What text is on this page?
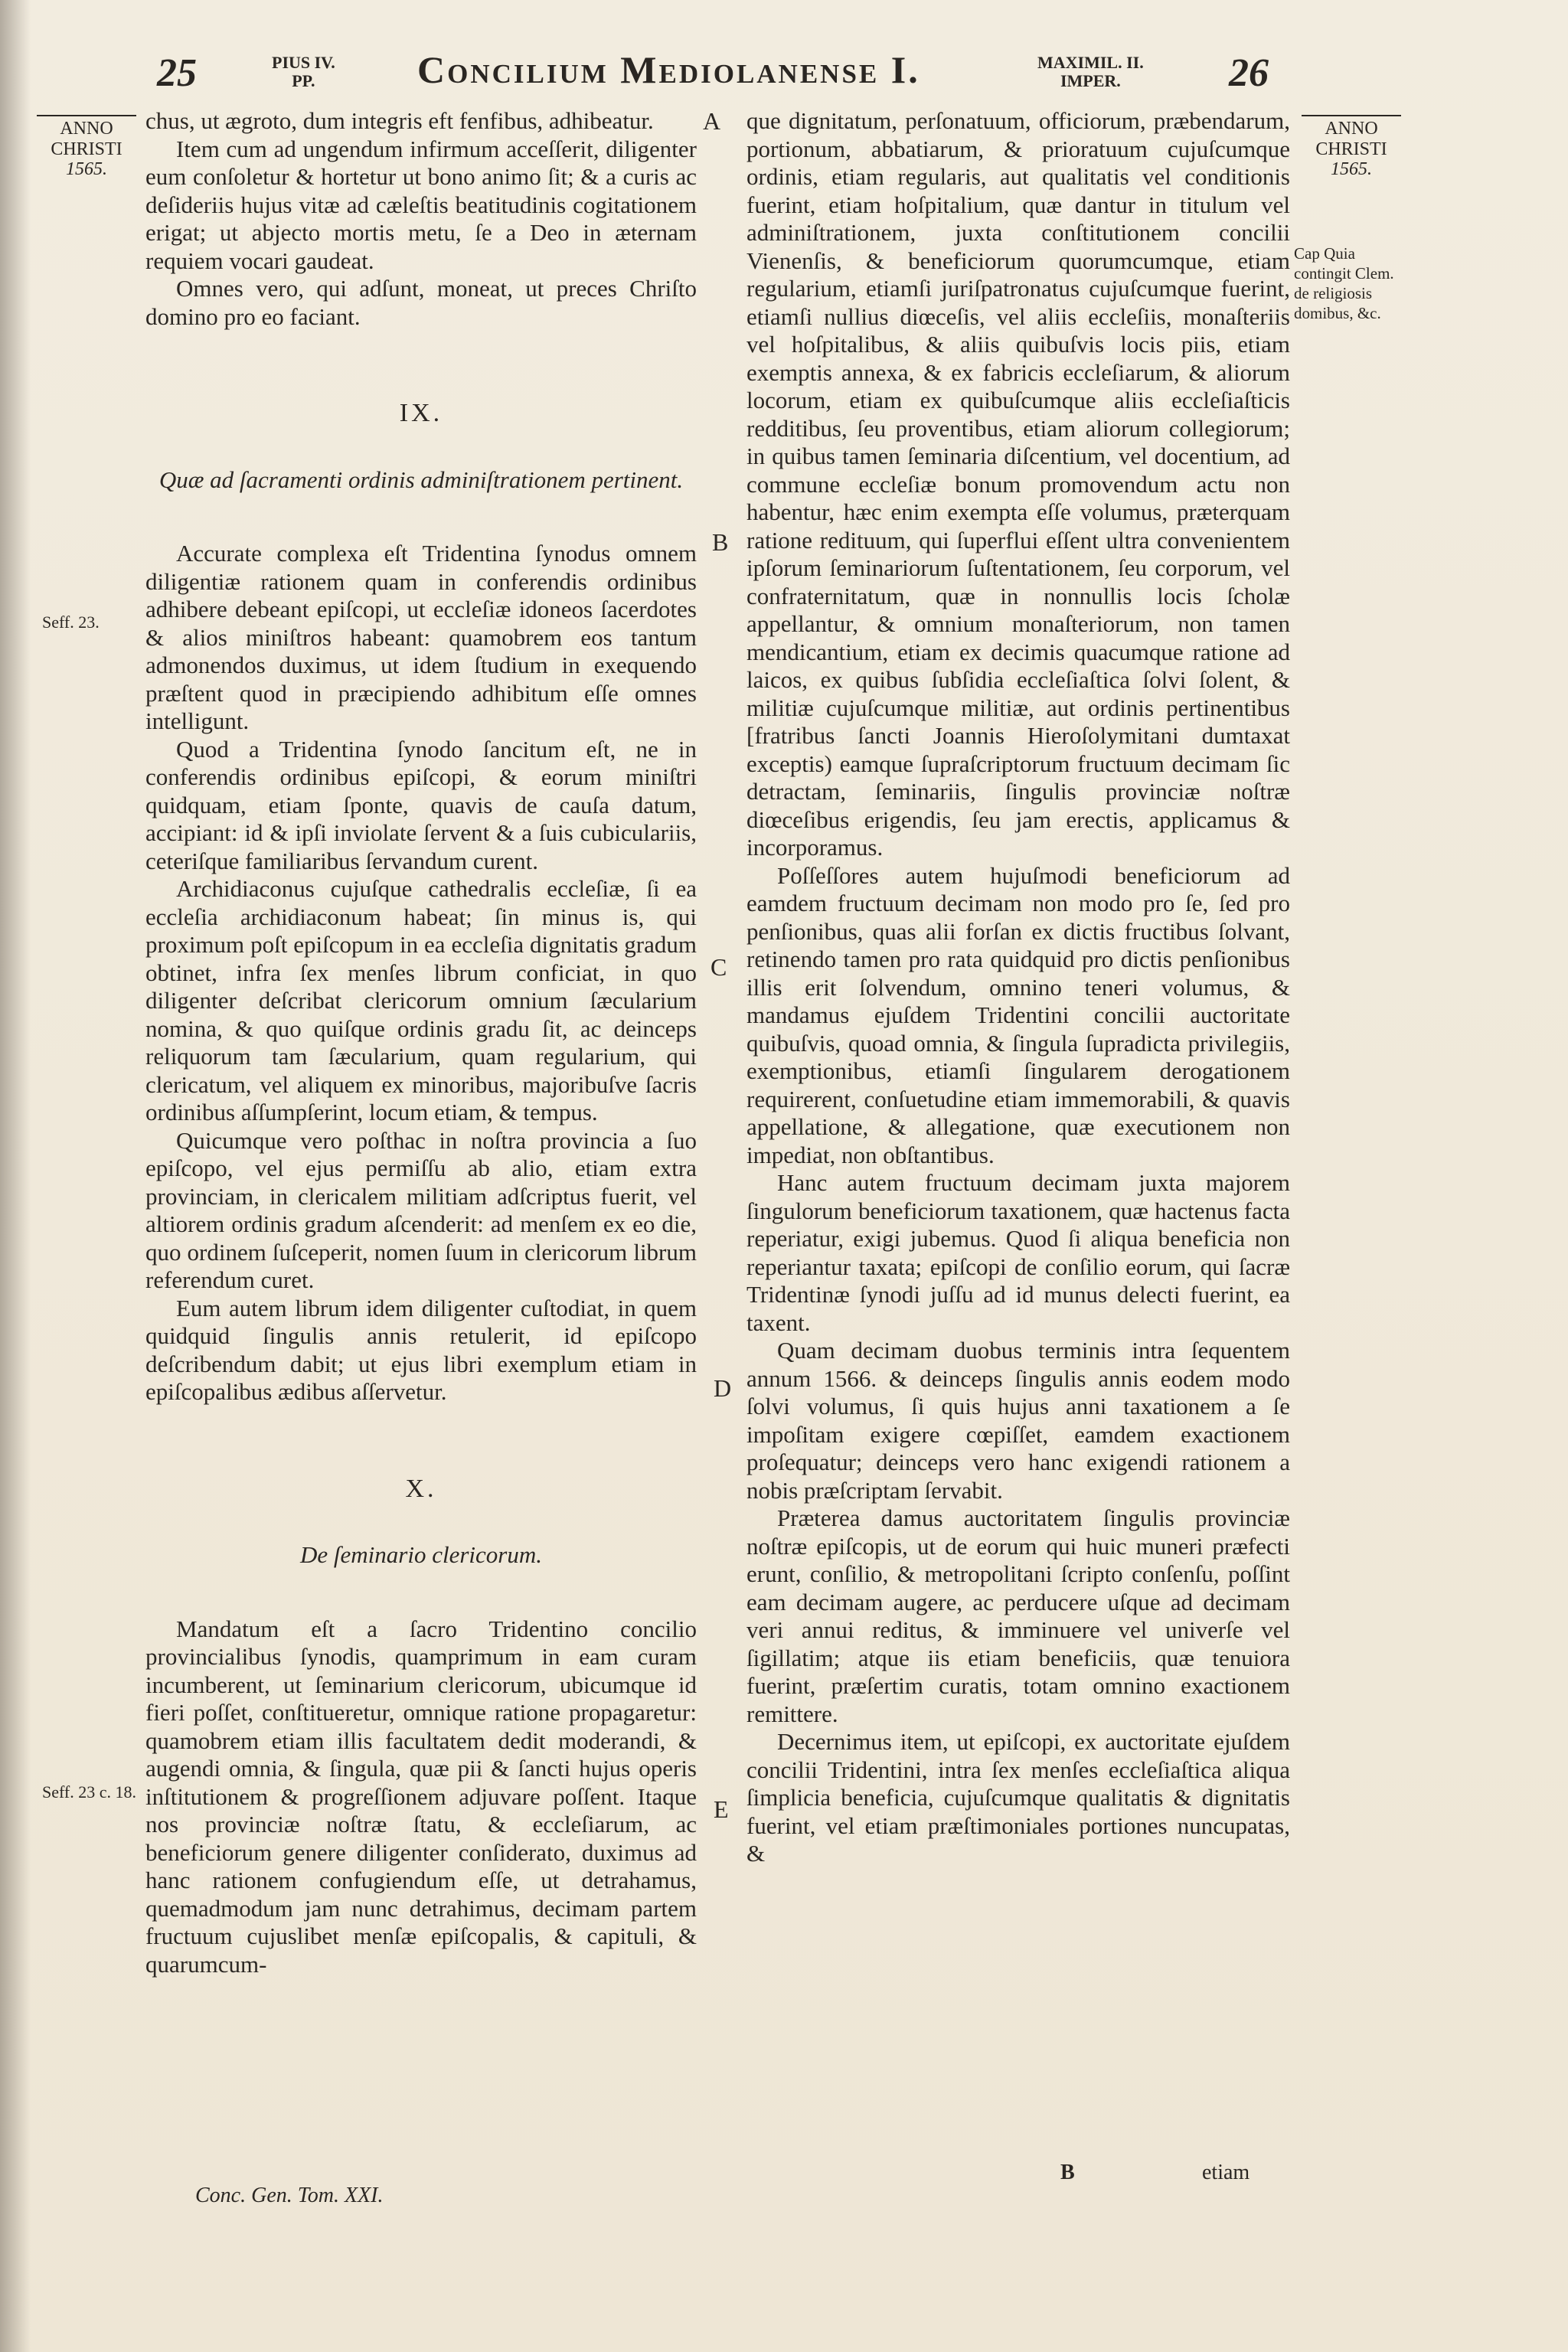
25	PIUS IV.
PP.	Concilium Mediolanense I.	MAXIMIL. II.
IMPER.	26
ANNO
CHRISTI
1565.
Seff. 23.
Seff. 23 c. 18.
ANNO
CHRISTI
1565.
Cap Quia contingit Clem. de religiosis domibus, &c.
A
B
C
D
E

chus, ut ægroto, dum integris eft fenfibus, adhibeatur.

Item cum ad ungendum infirmum acceſſerit, diligenter eum conſoletur & hortetur ut bono animo ſit; & a curis ac deſideriis hujus vitæ ad cæleſtis beatitudinis cogitationem erigat; ut abjecto mortis metu, ſe a Deo in æternam requiem vocari gaudeat.

Omnes vero, qui adſunt, moneat, ut preces Chriſto domino pro eo faciant.

IX.

Quæ ad ſacramenti ordinis adminiſtrationem pertinent.

Accurate complexa eſt Tridentina ſynodus omnem diligentiæ rationem quam in conferendis ordinibus adhibere debeant epiſcopi, ut eccleſiæ idoneos ſacerdotes & alios miniſtros habeant: quamobrem eos tantum admonendos duximus, ut idem ſtudium in exequendo præſtent quod in præcipiendo adhibitum eſſe omnes intelligunt.

Quod a Tridentina ſynodo ſancitum eſt, ne in conferendis ordinibus epiſcopi, & eorum miniſtri quidquam, etiam ſponte, quavis de cauſa datum, accipiant: id & ipſi inviolate ſervent & a ſuis cubiculariis, ceteriſque familiaribus ſervandum curent.

Archidiaconus cujuſque cathedralis eccleſiæ, ſi ea eccleſia archidiaconum habeat; ſin minus is, qui proximum poſt epiſcopum in ea eccleſia dignitatis gradum obtinet, infra ſex menſes librum conficiat, in quo diligenter deſcribat clericorum omnium ſæcularium nomina, & quo quiſque ordinis gradu ſit, ac deinceps reliquorum tam ſæcularium, quam regularium, qui clericatum, vel aliquem ex minoribus, majoribuſve ſacris ordinibus aſſumpſerint, locum etiam, & tempus.

Quicumque vero poſthac in noſtra provincia a ſuo epiſcopo, vel ejus permiſſu ab alio, etiam extra provinciam, in clericalem militiam adſcriptus fuerit, vel altiorem ordinis gradum aſcenderit: ad menſem ex eo die, quo ordinem ſuſceperit, nomen ſuum in clericorum librum referendum curet.

Eum autem librum idem diligenter cuſtodiat, in quem quidquid ſingulis annis retulerit, id epiſcopo deſcribendum dabit; ut ejus libri exemplum etiam in epiſcopalibus ædibus aſſervetur.

X.

De ſeminario clericorum.

Mandatum eſt a ſacro Tridentino concilio provincialibus ſynodis, quamprimum in eam curam incumberent, ut ſeminarium clericorum, ubicumque id fieri poſſet, conſtitueretur, omnique ratione propagaretur: quamobrem etiam illis facultatem dedit moderandi, & augendi omnia, & ſingula, quæ pii & ſancti hujus operis inſtitutionem & progreſſionem adjuvare poſſent. Itaque nos provinciæ noſtræ ſtatu, & eccleſiarum, ac beneficiorum genere diligenter conſiderato, duximus ad hanc rationem confugiendum eſſe, ut detrahamus, quemadmodum jam nunc detrahimus, decimam partem fructuum cujuslibet menſæ epiſcopalis, & capituli, & quarumcum-

que dignitatum, perſonatuum, officiorum, præbendarum, portionum, abbatiarum, & prioratuum cujuſcumque ordinis, etiam regularis, aut qualitatis vel conditionis fuerint, etiam hoſpitalium, quæ dantur in titulum vel adminiſtrationem, juxta conſtitutionem concilii Vienenſis, & beneficiorum quorumcumque, etiam regularium, etiamſi juriſpatronatus cujuſcumque fuerint, etiamſi nullius diœceſis, vel aliis eccleſiis, monaſteriis vel hoſpitalibus, & aliis quibuſvis locis piis, etiam exemptis annexa, & ex fabricis eccleſiarum, & aliorum locorum, etiam ex quibuſcumque aliis eccleſiaſticis redditibus, ſeu proventibus, etiam aliorum collegiorum; in quibus tamen ſeminaria diſcentium, vel docentium, ad commune eccleſiæ bonum promovendum actu non habentur, hæc enim exempta eſſe volumus, præterquam ratione redituum, qui ſuperflui eſſent ultra convenientem ipſorum ſeminariorum ſuſtentationem, ſeu corporum, vel confraternitatum, quæ in nonnullis locis ſcholæ appellantur, & omnium monaſteriorum, non tamen mendicantium, etiam ex decimis quacumque ratione ad laicos, ex quibus ſubſidia eccleſiaſtica ſolvi ſolent, & militiæ cujuſcumque militiæ, aut ordinis pertinentibus [fratribus ſancti Joannis Hieroſolymitani dumtaxat exceptis) eamque ſupraſcriptorum fructuum decimam ſic detractam, ſeminariis, ſingulis provinciæ noſtræ diœceſibus erigendis, ſeu jam erectis, applicamus & incorporamus.

Poſſeſſores autem hujuſmodi beneficiorum ad eamdem fructuum decimam non modo pro ſe, ſed pro penſionibus, quas alii forſan ex dictis fructibus ſolvant, retinendo tamen pro rata quidquid pro dictis penſionibus illis erit ſolvendum, omnino teneri volumus, & mandamus ejuſdem Tridentini concilii auctoritate quibuſvis, quoad omnia, & ſingula ſupradicta privilegiis, exemptionibus, etiamſi ſingularem derogationem requirerent, conſuetudine etiam immemorabili, & quavis appellatione, & allegatione, quæ executionem non impediat, non obſtantibus.

Hanc autem fructuum decimam juxta majorem ſingulorum beneficiorum taxationem, quæ hactenus facta reperiatur, exigi jubemus. Quod ſi aliqua beneficia non reperiantur taxata; epiſcopi de conſilio eorum, qui ſacræ Tridentinæ ſynodi juſſu ad id munus delecti fuerint, ea taxent.

Quam decimam duobus terminis intra ſequentem annum 1566. & deinceps ſingulis annis eodem modo ſolvi volumus, ſi quis hujus anni taxationem a ſe impoſitam exigere cœpiſſet, eamdem exactionem proſequatur; deinceps vero hanc exigendi rationem a nobis præſcriptam ſervabit.

Præterea damus auctoritatem ſingulis provinciæ noſtræ epiſcopis, ut de eorum qui huic muneri præfecti erunt, conſilio, & metropolitani ſcripto conſenſu, poſſint eam decimam augere, ac perducere uſque ad decimam veri annui reditus, & imminuere vel univerſe vel ſigillatim; atque iis etiam beneficiis, quæ tenuiora fuerint, præſertim curatis, totam omnino exactionem remittere.

Decernimus item, ut epiſcopi, ex auctoritate ejuſdem concilii Tridentini, intra ſex menſes eccleſiaſtica aliqua ſimplicia beneficia, cujuſcumque qualitatis & dignitatis fuerint, vel etiam præſtimoniales portiones nuncupatas, &

Conc. Gen. Tom. XXI.
B	etiam
